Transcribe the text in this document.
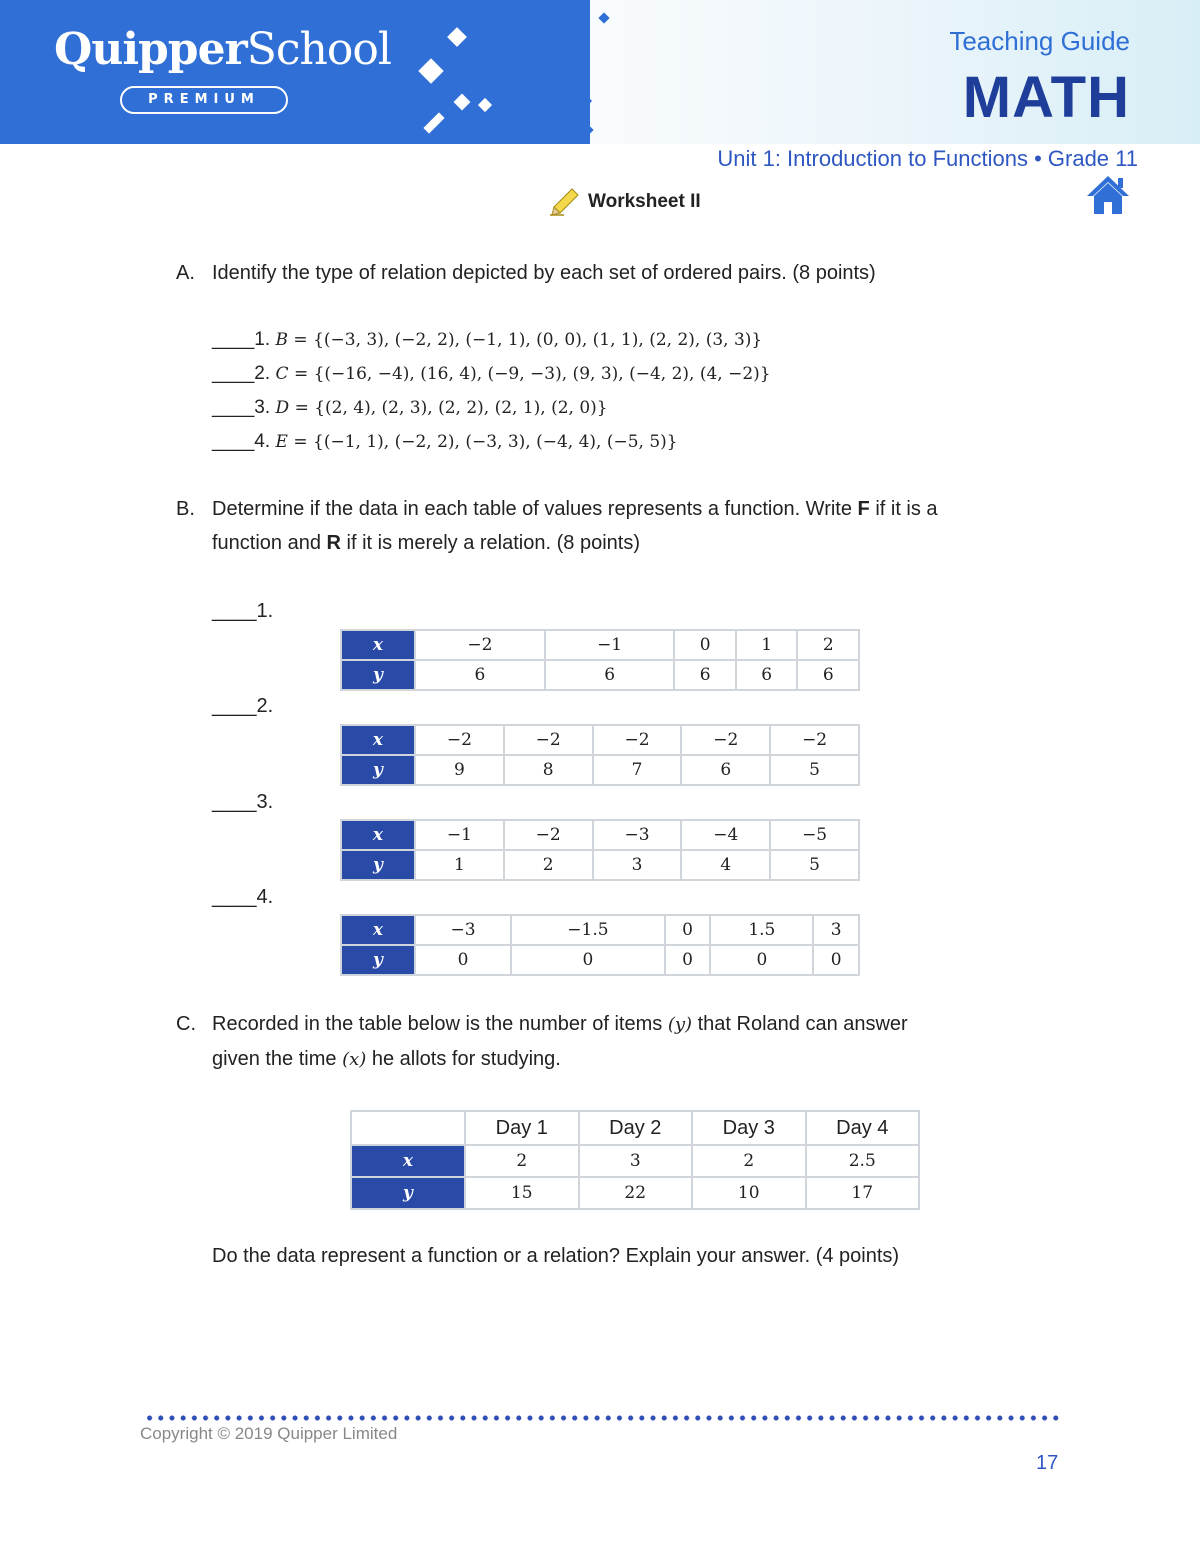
QuipperSchool
PREMIUM
Teaching Guide
MATH
Unit 1: Introduction to Functions • Grade 11
Worksheet II
A. Identify the type of relation depicted by each set of ordered pairs. (8 points)
____1. B = {(−3, 3), (−2, 2), (−1, 1), (0, 0), (1, 1), (2, 2), (3, 3)}
____2. C = {(−16, −4), (16, 4), (−9, −3), (9, 3), (−4, 2), (4, −2)}
____3. D = {(2, 4), (2, 3), (2, 2), (2, 1), (2, 0)}
____4. E = {(−1, 1), (−2, 2), (−3, 3), (−4, 4), (−5, 5)}
B. Determine if the data in each table of values represents a function. Write F if it is a
function and R if it is merely a relation. (8 points)
____1.
x	−2	−1	0	1	2
y	6	6	6	6	6
____2.
x	−2	−2	−2	−2	−2
y	9	8	7	6	5
____3.
x	−1	−2	−3	−4	−5
y	1	2	3	4	5
____4.
x	−3	−1.5	0	1.5	3
y	0	0	0	0	0
C. Recorded in the table below is the number of items (y) that Roland can answer
given the time (x) he allots for studying.
	Day 1	Day 2	Day 3	Day 4
x	2	3	2	2.5
y	15	22	10	17
Do the data represent a function or a relation? Explain your answer. (4 points)
Copyright © 2019 Quipper Limited
17
